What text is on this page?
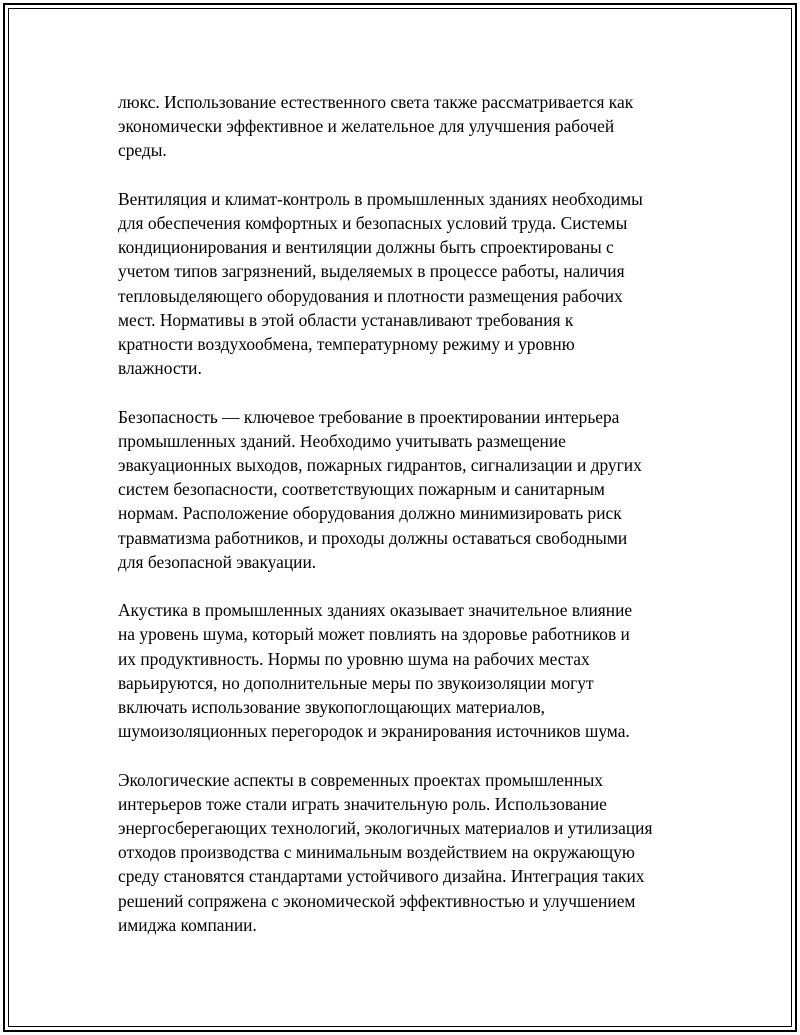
люкс. Использование естественного света также рассматривается как
экономически эффективное и желательное для улучшения рабочей
среды.

Вентиляция и климат-контроль в промышленных зданиях необходимы
для обеспечения комфортных и безопасных условий труда. Системы
кондиционирования и вентиляции должны быть спроектированы с
учетом типов загрязнений, выделяемых в процессе работы, наличия
тепловыделяющего оборудования и плотности размещения рабочих
мест. Нормативы в этой области устанавливают требования к
кратности воздухообмена, температурному режиму и уровню
влажности.

Безопасность — ключевое требование в проектировании интерьера
промышленных зданий. Необходимо учитывать размещение
эвакуационных выходов, пожарных гидрантов, сигнализации и других
систем безопасности, соответствующих пожарным и санитарным
нормам. Расположение оборудования должно минимизировать риск
травматизма работников, и проходы должны оставаться свободными
для безопасной эвакуации.

Акустика в промышленных зданиях оказывает значительное влияние
на уровень шума, который может повлиять на здоровье работников и
их продуктивность. Нормы по уровню шума на рабочих местах
варьируются, но дополнительные меры по звукоизоляции могут
включать использование звукопоглощающих материалов,
шумоизоляционных перегородок и экранирования источников шума.

Экологические аспекты в современных проектах промышленных
интерьеров тоже стали играть значительную роль. Использование
энергосберегающих технологий, экологичных материалов и утилизация
отходов производства с минимальным воздействием на окружающую
среду становятся стандартами устойчивого дизайна. Интеграция таких
решений сопряжена с экономической эффективностью и улучшением
имиджа компании.
